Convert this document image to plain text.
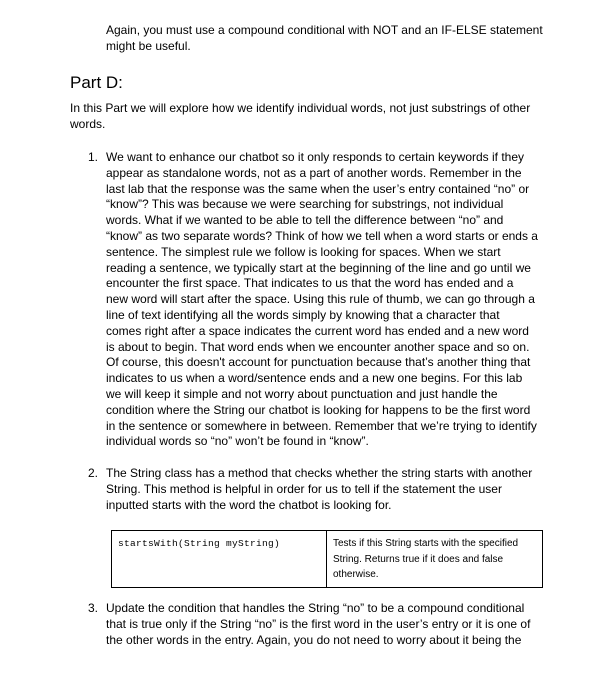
Again, you must use a compound conditional with NOT and an IF-ELSE statement might be useful.

Part D:

In this Part we will explore how we identify individual words, not just substrings of other words.

1. We want to enhance our chatbot so it only responds to certain keywords if they appear as standalone words, not as a part of another words. Remember in the last lab that the response was the same when the user’s entry contained “no” or “know”? This was because we were searching for substrings, not individual words. What if we wanted to be able to tell the difference between “no” and “know” as two separate words? Think of how we tell when a word starts or ends a sentence. The simplest rule we follow is looking for spaces. When we start reading a sentence, we typically start at the beginning of the line and go until we encounter the first space. That indicates to us that the word has ended and a new word will start after the space. Using this rule of thumb, we can go through a line of text identifying all the words simply by knowing that a character that comes right after a space indicates the current word has ended and a new word is about to begin. That word ends when we encounter another space and so on. Of course, this doesn't account for punctuation because that’s another thing that indicates to us when a word/sentence ends and a new one begins. For this lab we will keep it simple and not worry about punctuation and just handle the condition where the String our chatbot is looking for happens to be the first word in the sentence or somewhere in between. Remember that we’re trying to identify individual words so “no” won’t be found in “know”.

2. The String class has a method that checks whether the string starts with another String. This method is helpful in order for us to tell if the statement the user inputted starts with the word the chatbot is looking for.

startsWith(String myString)	Tests if this String starts with the specified String. Returns true if it does and false otherwise.
3. Update the condition that handles the String “no” to be a compound conditional that is true only if the String “no” is the first word in the user’s entry or it is one of the other words in the entry. Again, you do not need to worry about it being the
